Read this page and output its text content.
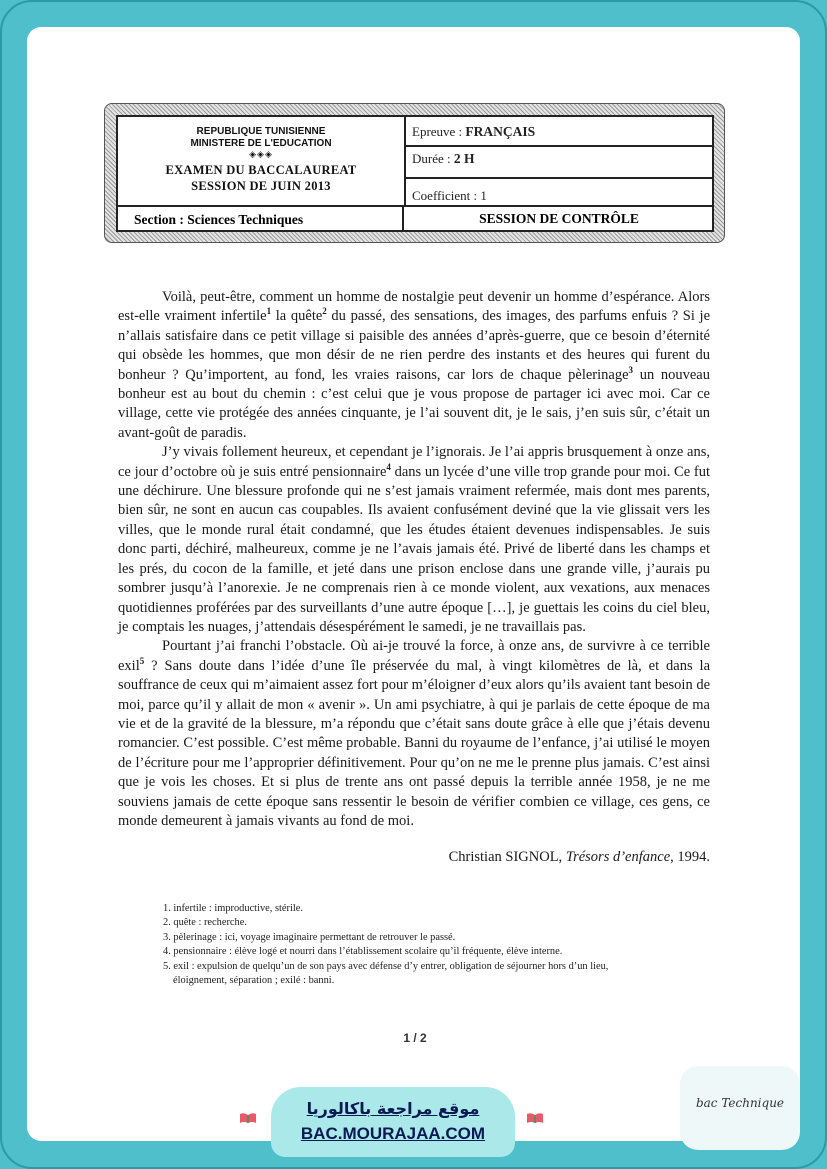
REPUBLIQUE TUNISIENNE
MINISTERE DE L'EDUCATION
◈◈◈
EXAMEN DU BACCALAUREAT
SESSION DE JUIN 2013
Epreuve : FRANÇAIS
Durée : 2 H
Coefficient : 1
Section : Sciences Techniques	SESSION DE CONTRÔLE

Voilà, peut-être, comment un homme de nostalgie peut devenir un homme d’espérance. Alors est-elle vraiment infertile$^1$ la quête$^2$ du passé, des sensations, des images, des parfums enfuis ? Si je n’allais satisfaire dans ce petit village si paisible des années d’après-guerre, que ce besoin d’éternité qui obsède les hommes, que mon désir de ne rien perdre des instants et des heures qui furent du bonheur ? Qu’importent, au fond, les vraies raisons, car lors de chaque pèlerinage$^3$ un nouveau bonheur est au bout du chemin : c’est celui que je vous propose de partager ici avec moi. Car ce village, cette vie protégée des années cinquante, je l’ai souvent dit, je le sais, j’en suis sûr, c’était un avant-goût de paradis.

J’y vivais follement heureux, et cependant je l’ignorais. Je l’ai appris brusquement à onze ans, ce jour d’octobre où je suis entré pensionnaire$^4$ dans un lycée d’une ville trop grande pour moi. Ce fut une déchirure. Une blessure profonde qui ne s’est jamais vraiment refermée, mais dont mes parents, bien sûr, ne sont en aucun cas coupables. Ils avaient confusément deviné que la vie glissait vers les villes, que le monde rural était condamné, que les études étaient devenues indispensables. Je suis donc parti, déchiré, malheureux, comme je ne l’avais jamais été. Privé de liberté dans les champs et les prés, du cocon de la famille, et jeté dans une prison enclose dans une grande ville, j’aurais pu sombrer jusqu’à l’anorexie. Je ne comprenais rien à ce monde violent, aux vexations, aux menaces quotidiennes proférées par des surveillants d’une autre époque […], je guettais les coins du ciel bleu, je comptais les nuages, j’attendais désespérément le samedi, je ne travaillais pas.

Pourtant j’ai franchi l’obstacle. Où ai-je trouvé la force, à onze ans, de survivre à ce terrible exil$^5$ ? Sans doute dans l’idée d’une île préservée du mal, à vingt kilomètres de là, et dans la souffrance de ceux qui m’aimaient assez fort pour m’éloigner d’eux alors qu’ils avaient tant besoin de moi, parce qu’il y allait de mon « avenir ». Un ami psychiatre, à qui je parlais de cette époque de ma vie et de la gravité de la blessure, m’a répondu que c’était sans doute grâce à elle que j’étais devenu romancier. C’est possible. C’est même probable. Banni du royaume de l’enfance, j’ai utilisé le moyen de l’écriture pour me l’approprier définitivement. Pour qu’on ne me le prenne plus jamais. C’est ainsi que je vois les choses. Et si plus de trente ans ont passé depuis la terrible année 1958, je ne me souviens jamais de cette époque sans ressentir le besoin de vérifier combien ce village, ces gens, ce monde demeurent à jamais vivants au fond de moi.

Christian SIGNOL, Trésors d’enfance, 1994.
1. infertile : improductive, stérile.
2. quête : recherche.
3. pèlerinage : ici, voyage imaginaire permettant de retrouver le passé.
4. pensionnaire : élève logé et nourri dans l’établissement scolaire qu’il fréquente, élève interne.
5. exil : expulsion de quelqu’un de son pays avec défense d’y entrer, obligation de séjourner hors d’un lieu,
éloignement, séparation ; exilé : banni.
1 / 2
موقع مراجعة باكالوريا
BAC.MOURAJAA.COM
bac Technique
